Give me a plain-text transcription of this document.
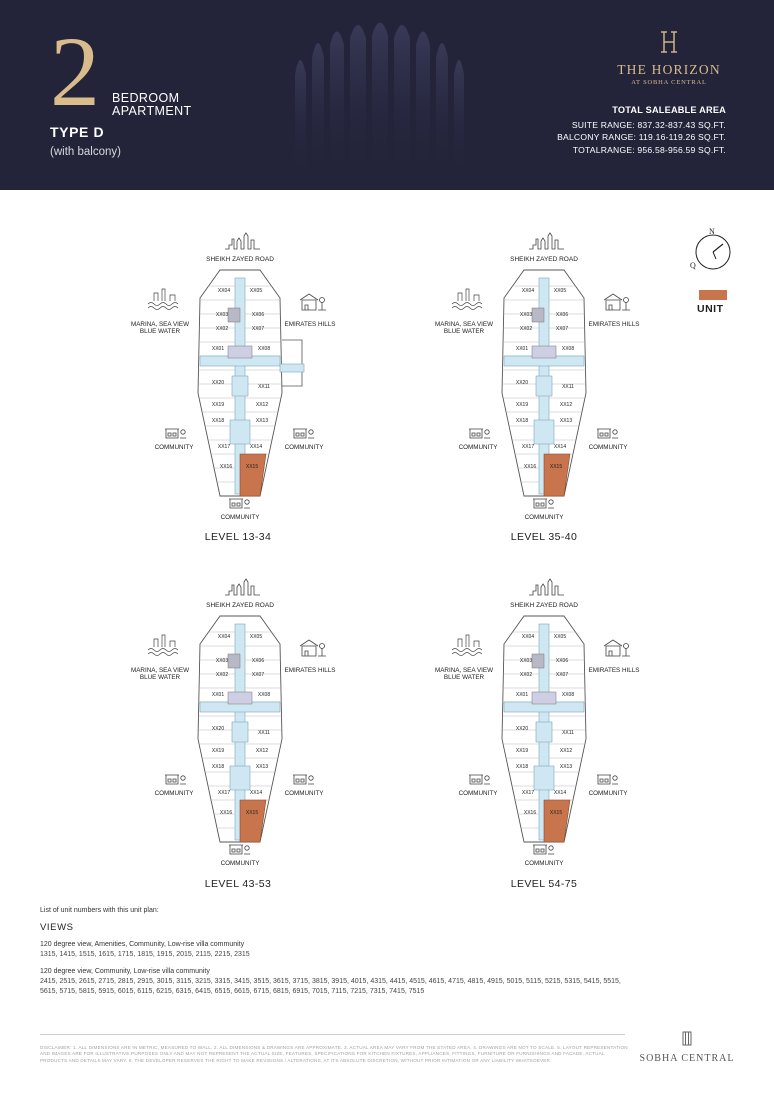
2 BEDROOM
APARTMENT
TYPE D
(with balcony)
THE HORIZON
AT SOBHA CENTRAL
TOTAL SALEABLE AREA
SUITE RANGE: 837.32-837.43 SQ.FT.
BALCONY RANGE: 119.16-119.26 SQ.FT.
TOTALRANGE: 956.58-956.59 SQ.FT.
N
Q
UNIT
SHEIKH ZAYED ROAD
MARINA, SEA VIEW
BLUE WATER
EMIRATES HILLS
COMMUNITY	COMMUNITY
COMMUNITY
XX04	XX05
XX03	XX06
XX02	XX07
XX01	XX08
XX20
XX11
XX19	XX12
XX18	XX13
XX17	XX14
XX16	XX15
SHEIKH ZAYED ROAD
MARINA, SEA VIEW
BLUE WATER
EMIRATES HILLS
COMMUNITY	COMMUNITY
COMMUNITY
XX04	XX05
XX03	XX06
XX02	XX07
XX01	XX08
XX20
XX11
XX19	XX12
XX18	XX13
XX17	XX14
XX16	XX15
SHEIKH ZAYED ROAD
MARINA, SEA VIEW
BLUE WATER
EMIRATES HILLS
COMMUNITY	COMMUNITY
COMMUNITY
XX04	XX05
XX03	XX06
XX02	XX07
XX01	XX08
XX20
XX11
XX19	XX12
XX18	XX13
XX17	XX14
XX16	XX15
SHEIKH ZAYED ROAD
MARINA, SEA VIEW
BLUE WATER
EMIRATES HILLS
COMMUNITY	COMMUNITY
COMMUNITY
XX04	XX05
XX03	XX06
XX02	XX07
XX01	XX08
XX20
XX11
XX19	XX12
XX18	XX13
XX17	XX14
XX16	XX15
LEVEL 13-34	LEVEL 35-40
LEVEL 43-53	LEVEL 54-75
List of unit numbers with this unit plan:
VIEWS
120 degree view, Amenities, Community, Low-rise villa community
1315, 1415, 1515, 1615, 1715, 1815, 1915, 2015, 2115, 2215, 2315
120 degree view, Community, Low-rise villa community
2415, 2515, 2615, 2715, 2815, 2915, 3015, 3115, 3215, 3315, 3415, 3515, 3615, 3715, 3815, 3915, 4015, 4315, 4415, 4515, 4615, 4715, 4815, 4915, 5015, 5115, 5215, 5315, 5415, 5515, 5615, 5715, 5815, 5915, 6015, 6115, 6215, 6315, 6415, 6515, 6615, 6715, 6815, 6915, 7015, 7115, 7215, 7315, 7415, 7515
DISCLAIMER: 1. ALL DIMENSIONS ARE IN METRIC, MEASURED TO WALL. 2. ALL DIMENSIONS & DRAWINGS ARE APPROXIMATE. 3. ACTUAL AREA MAY VARY FROM THE STATED AREA. 4. DRAWINGS ARE NOT TO SCALE. 5. LAYOUT REPRESENTATION AND IMAGES ARE FOR ILLUSTRATIVE PURPOSES ONLY AND MAY NOT REPRESENT THE ACTUAL SIZE, FEATURES, SPECIFICATIONS FOR KITCHEN FIXTURES, APPLIANCES, FITTINGS, FURNITURE OR FURNISHINGS AND FACADE. ACTUAL PRODUCTS AND DETAILS MAY VARY. 6. THE DEVELOPER RESERVES THE RIGHT TO MAKE REVISIONS / ALTERATIONS, AT ITS ABSOLUTE DISCRETION, WITHOUT PRIOR INTIMATION OR ANY LIABILITY WHATSOEVER.	SOBHA CENTRAL
